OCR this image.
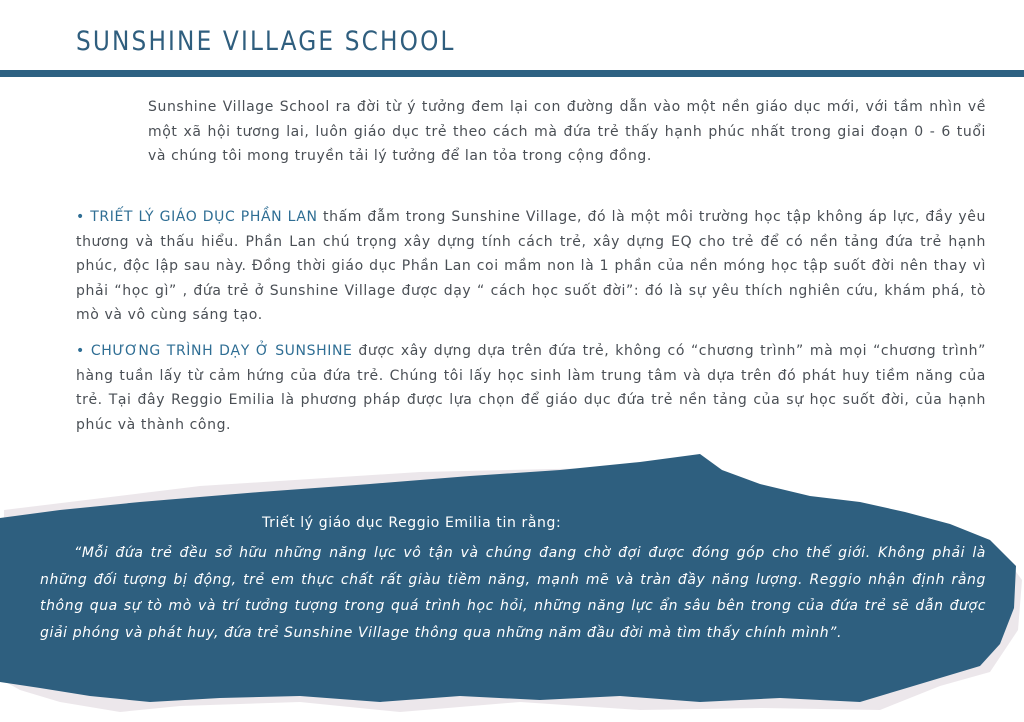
SUNSHINE VILLAGE SCHOOL
Sunshine Village School ra đời từ ý tưởng đem lại con đường dẫn vào một nền giáo dục mới, với tầm nhìn về một xã hội tương lai, luôn giáo dục trẻ theo cách mà đứa trẻ thấy hạnh phúc nhất trong giai đoạn 0 - 6 tuổi và chúng tôi mong truyền tải lý tưởng để lan tỏa trong cộng đồng.
• TRIẾT LÝ GIÁO DỤC PHẦN LAN thấm đẫm trong Sunshine Village, đó là một môi trường học tập không áp lực, đầy yêu thương và thấu hiểu. Phần Lan chú trọng xây dựng tính cách trẻ, xây dựng EQ cho trẻ để có nền tảng đứa trẻ hạnh phúc, độc lập sau này. Đồng thời giáo dục Phần Lan coi mầm non là 1 phần của nền móng học tập suốt đời nên thay vì phải “học gì” , đứa trẻ ở Sunshine Village được dạy “ cách học suốt đời”: đó là sự yêu thích nghiên cứu, khám phá, tò mò và vô cùng sáng tạo.
• CHƯƠNG TRÌNH DẠY Ở SUNSHINE được xây dựng dựa trên đứa trẻ, không có “chương trình” mà mọi “chương trình” hàng tuần lấy từ cảm hứng của đứa trẻ. Chúng tôi lấy học sinh làm trung tâm và dựa trên đó phát huy tiềm năng của trẻ. Tại đây Reggio Emilia là phương pháp được lựa chọn để giáo dục đứa trẻ nền tảng của sự học suốt đời, của hạnh phúc và thành công.
Triết lý giáo dục Reggio Emilia tin rằng:
“Mỗi đứa trẻ đều sở hữu những năng lực vô tận và chúng đang chờ đợi được đóng góp cho thế giới. Không phải là những đối tượng bị động, trẻ em thực chất rất giàu tiềm năng, mạnh mẽ và tràn đầy năng lượng. Reggio nhận định rằng thông qua sự tò mò và trí tưởng tượng trong quá trình học hỏi, những năng lực ẩn sâu bên trong của đứa trẻ sẽ dẫn được giải phóng và phát huy, đứa trẻ Sunshine Village thông qua những năm đầu đời mà tìm thấy chính mình”.
